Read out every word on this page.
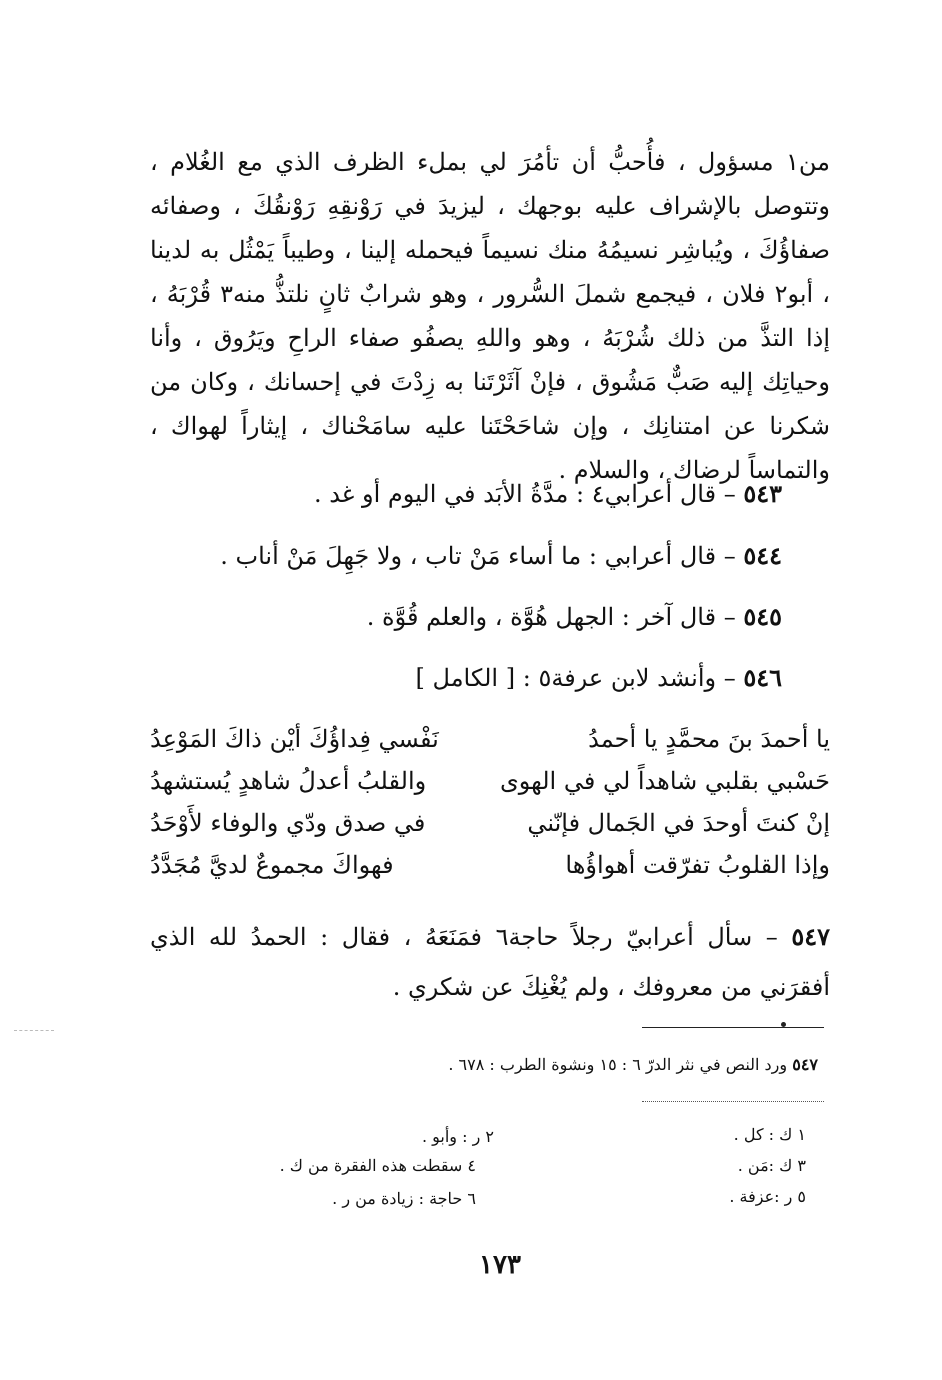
من١ مسؤول ، فأُحبُّ أن تأمُرَ لي بملء الظرف الذي مع الغُلام ، وتتوصل بالإشراف عليه بوجهك ، ليزيدَ في رَوْنقِهِ رَوْنقُكَ ، وصفائه صفاؤُكَ ، ويُباشِر نسيمُهُ منك نسيماً فيحمله إلينا ، وطيباً يَمْثُل به لدينا ، أبو٢ فلان ، فيجمع شملَ السُّرور ، وهو شرابٌ ثانٍ نلتذُّ منه٣ قُرْبَهُ ، إذا التذَّ من ذلك شُرْبَهُ ، وهو واللهِ يصفُو صفاء الراحِ ويَرُوق ، وأنا وحياتِك إليه صَبٌّ مَشُوق ، فإنْ آثَرْتَنا به زِدْتَ في إحسانك ، وكان من شكرنا عن امتنانِك ، وإن شاحَحْتَنا عليه سامَحْناك ، إيثاراً لهواك ، والتماساً لرضاك ، والسلام .

٥٤٣ – قال أعرابي٤ : مدَّةُ الأبَد في اليوم أو غد .
٥٤٤ – قال أعرابي : ما أساء مَنْ تاب ، ولا جَهِلَ مَنْ أناب .
٥٤٥ – قال آخر : الجهل هُوَّة ، والعلم قُوَّة .
٥٤٦ – وأنشد لابن عرفة٥ : [ الكامل ]
نَفْسي فِداؤُكَ أيْن ذاكَ المَوْعِدُ	يا أحمدَ بنَ محمَّدٍ يا أحمدُ
والقلبُ أعدلُ شاهدٍ يُستشهدُ	حَسْبي بقلبي شاهداً لي في الهوى
في صدق ودّي والوفاء لأَوْحَدُ	إنْ كنتَ أوحدَ في الجَمال فإنّني
فهواكَ مجموعٌ لديَّ مُجَدَّدُ	وإذا القلوبُ تفرّقت أهواؤُها

٥٤٧ – سأل أعرابيّ رجلاً حاجة٦ فمَنَعَهُ ، فقال : الحمدُ لله الذي أفقرَني من معروفك ، ولم يُغْنِكَ عن شكري .

٥٤٧ ورد النص في نثر الدرّ ٦ : ١٥ ونشوة الطرب : ٦٧٨ .
١ ك : كل .
٢ ر : وأبو .
٣ ك :مَن .
٤ سقطت هذه الفقرة من ك .
٥ ر :عزفة .
٦ حاجة : زيادة من ر .
١٧٣
